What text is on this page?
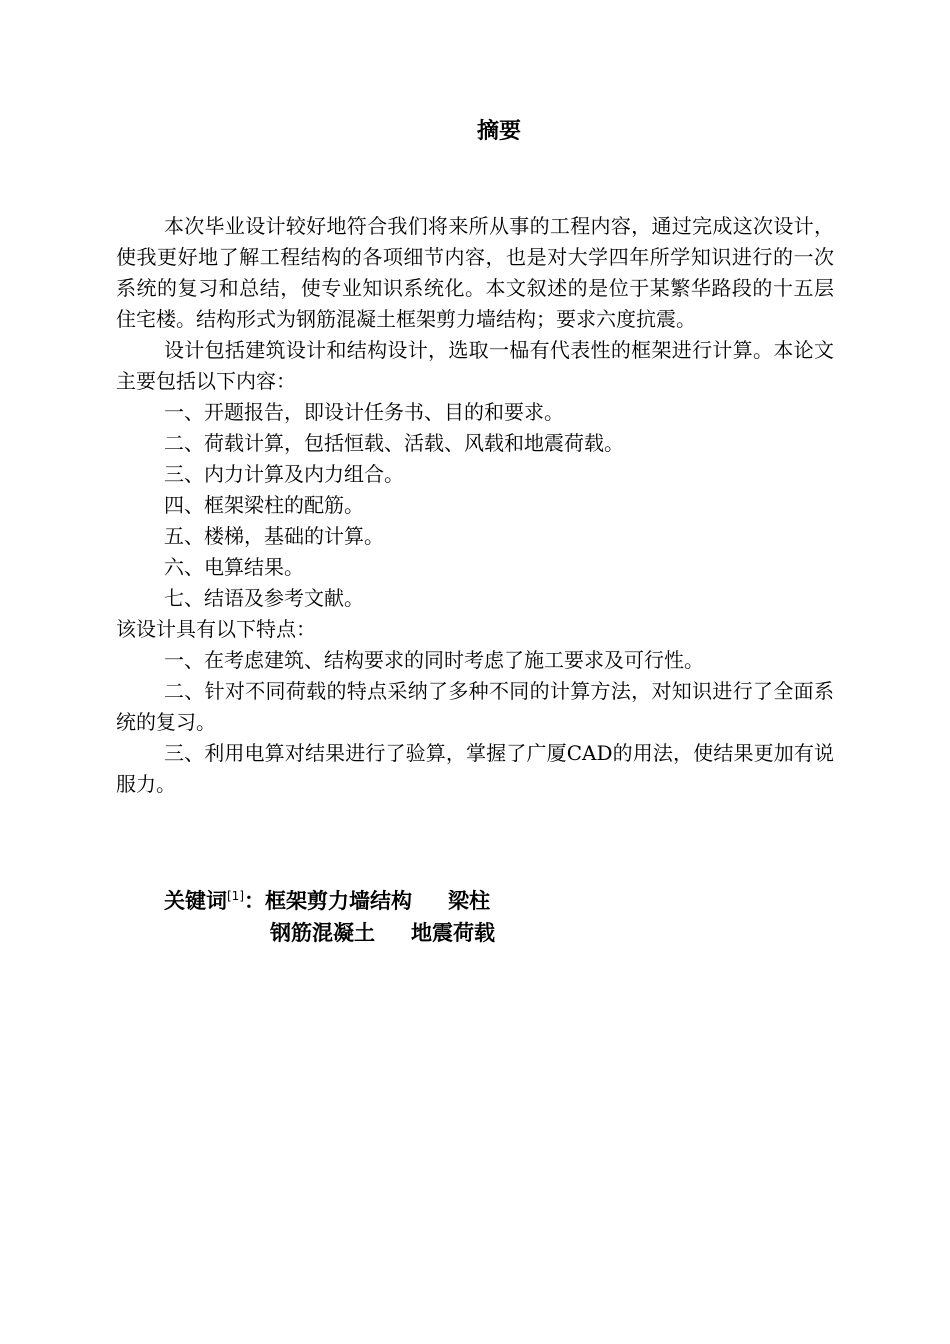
摘要

本次毕业设计较好地符合我们将来所从事的工程内容，通过完成这次设计，使我更好地了解工程结构的各项细节内容，也是对大学四年所学知识进行的一次系统的复习和总结，使专业知识系统化。本文叙述的是位于某繁华路段的十五层住宅楼。结构形式为钢筋混凝土框架剪力墙结构；要求六度抗震。

设计包括建筑设计和结构设计，选取一榀有代表性的框架进行计算。本论文主要包括以下内容：

一、开题报告，即设计任务书、目的和要求。

二、荷载计算，包括恒载、活载、风载和地震荷载。

三、内力计算及内力组合。

四、框架梁柱的配筋。

五、楼梯，基础的计算。

六、电算结果。

七、结语及参考文献。

该设计具有以下特点：

一、在考虑建筑、结构要求的同时考虑了施工要求及可行性。

二、针对不同荷载的特点采纳了多种不同的计算方法，对知识进行了全面系统的复习。

三、利用电算对结果进行了验算，掌握了广厦CAD的用法，使结果更加有说服力。

关键词[1]：框架剪力墙结构 梁柱
钢筋混凝土 地震荷载
